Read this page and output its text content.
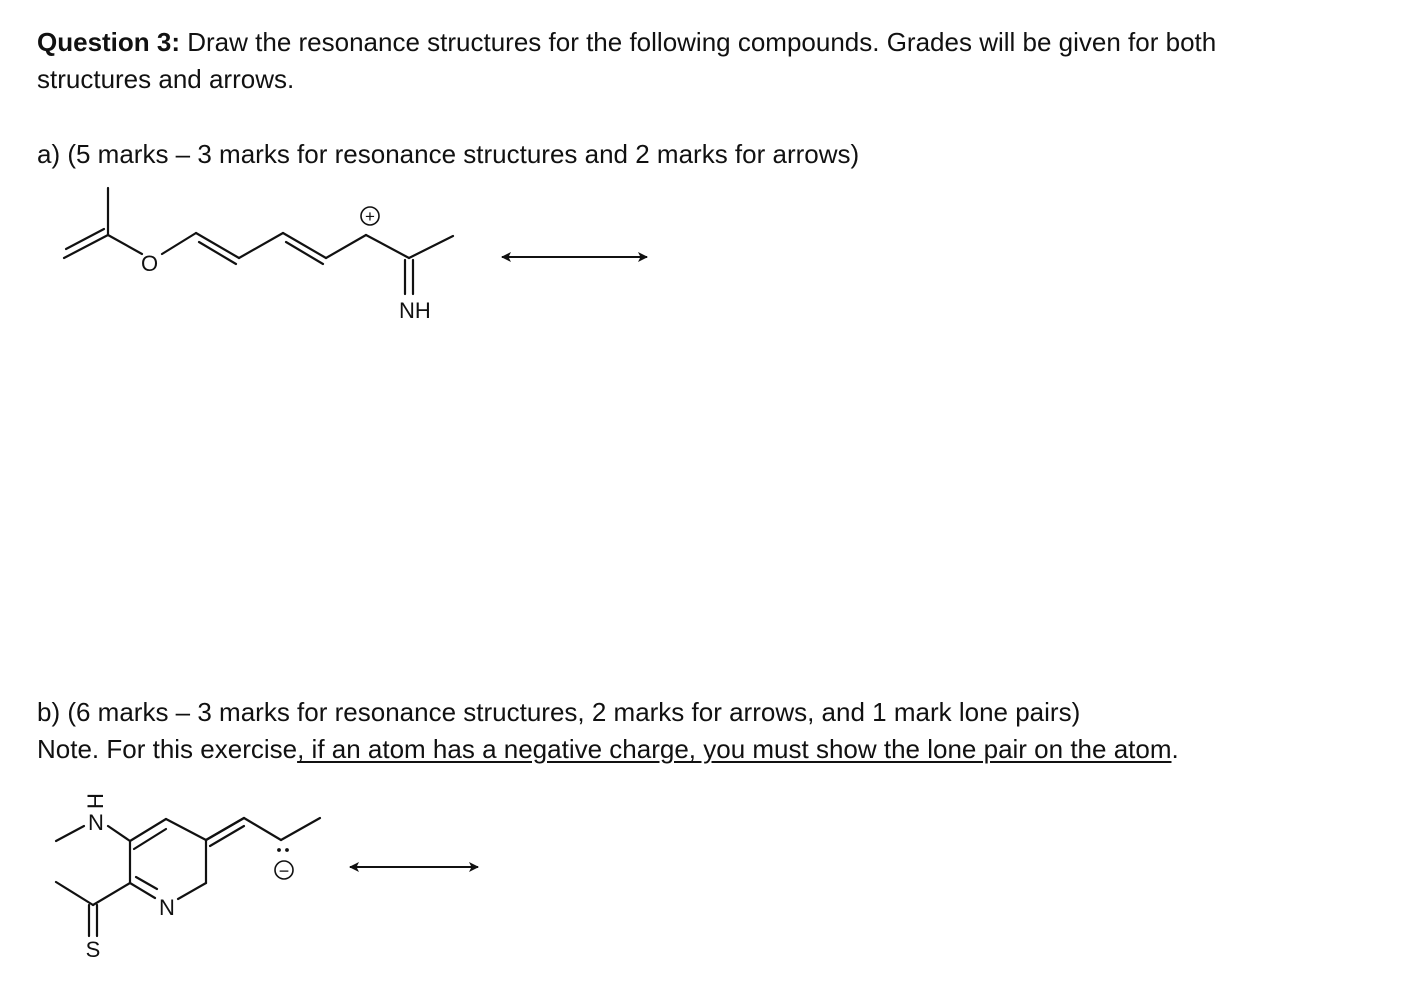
Question 3: Draw the resonance structures for the following compounds. Grades will be given for both
structures and arrows.
a) (5 marks – 3 marks for resonance structures and 2 marks for arrows)
b) (6 marks – 3 marks for resonance structures, 2 marks for arrows, and 1 mark lone pairs)
Note. For this exercise, if an atom has a negative charge, you must show the lone pair on the atom.
O
NH
+
H
N
N
S
−
